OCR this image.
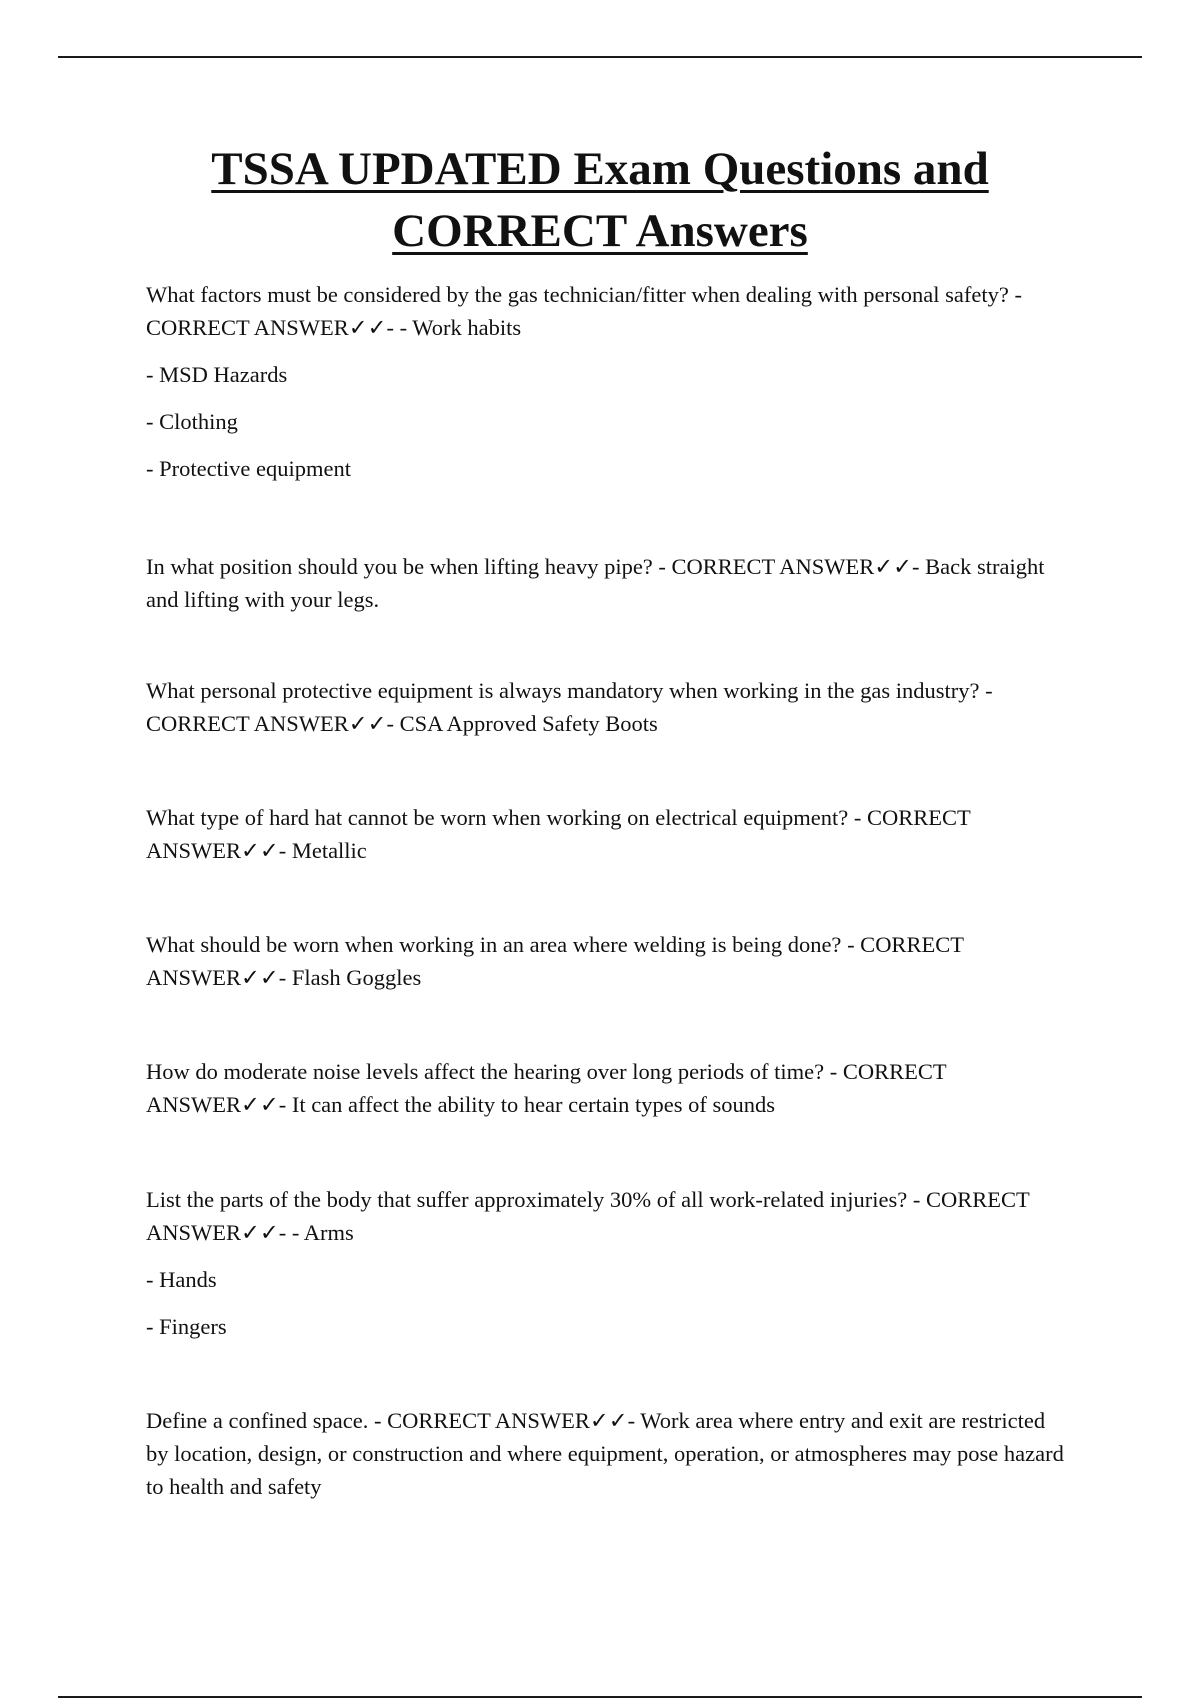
TSSA UPDATED Exam Questions and
CORRECT Answers

What factors must be considered by the gas technician/fitter when dealing with personal safety? - CORRECT ANSWER✓✓- - Work habits

- MSD Hazards

- Clothing

- Protective equipment

In what position should you be when lifting heavy pipe? - CORRECT ANSWER✓✓- Back straight and lifting with your legs.

What personal protective equipment is always mandatory when working in the gas industry? - CORRECT ANSWER✓✓- CSA Approved Safety Boots

What type of hard hat cannot be worn when working on electrical equipment? - CORRECT ANSWER✓✓- Metallic

What should be worn when working in an area where welding is being done? - CORRECT ANSWER✓✓- Flash Goggles

How do moderate noise levels affect the hearing over long periods of time? - CORRECT ANSWER✓✓- It can affect the ability to hear certain types of sounds

List the parts of the body that suffer approximately 30% of all work-related injuries? - CORRECT ANSWER✓✓- - Arms

- Hands

- Fingers

Define a confined space. - CORRECT ANSWER✓✓- Work area where entry and exit are restricted by location, design, or construction and where equipment, operation, or atmospheres may pose hazard to health and safety
